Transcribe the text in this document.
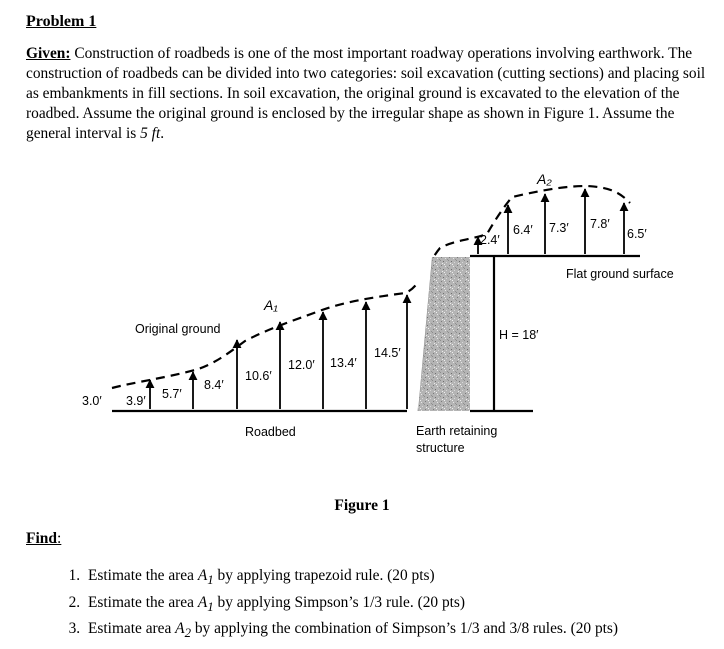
Problem 1
Given: Construction of roadbeds is one of the most important roadway operations involving earthwork. The construction of roadbeds can be divided into two categories: soil excavation (cutting sections) and placing soil as embankments in fill sections. In soil excavation, the original ground is excavated to the elevation of the roadbed. Assume the original ground is enclosed by the irregular shape as shown in Figure 1. Assume the general interval is 5 ft.
Original ground
Roadbed	Earth retaining
structure
Flat ground surface
H = 18′
A₁
A₂
3.0′ 3.9′ 5.7′
8.4′
10.6′
12.0′ 13.4′
14.5′
2.4′
6.4′ 7.3′ 7.8′
6.5′
Figure 1
Find:
1. Estimate the area $A_1$ by applying trapezoid rule. (20 pts)
2. Estimate the area $A_1$ by applying Simpson’s 1/3 rule. (20 pts)
3. Estimate area $A_2$ by applying the combination of Simpson’s 1/3 and 3/8 rules. (20 pts)
